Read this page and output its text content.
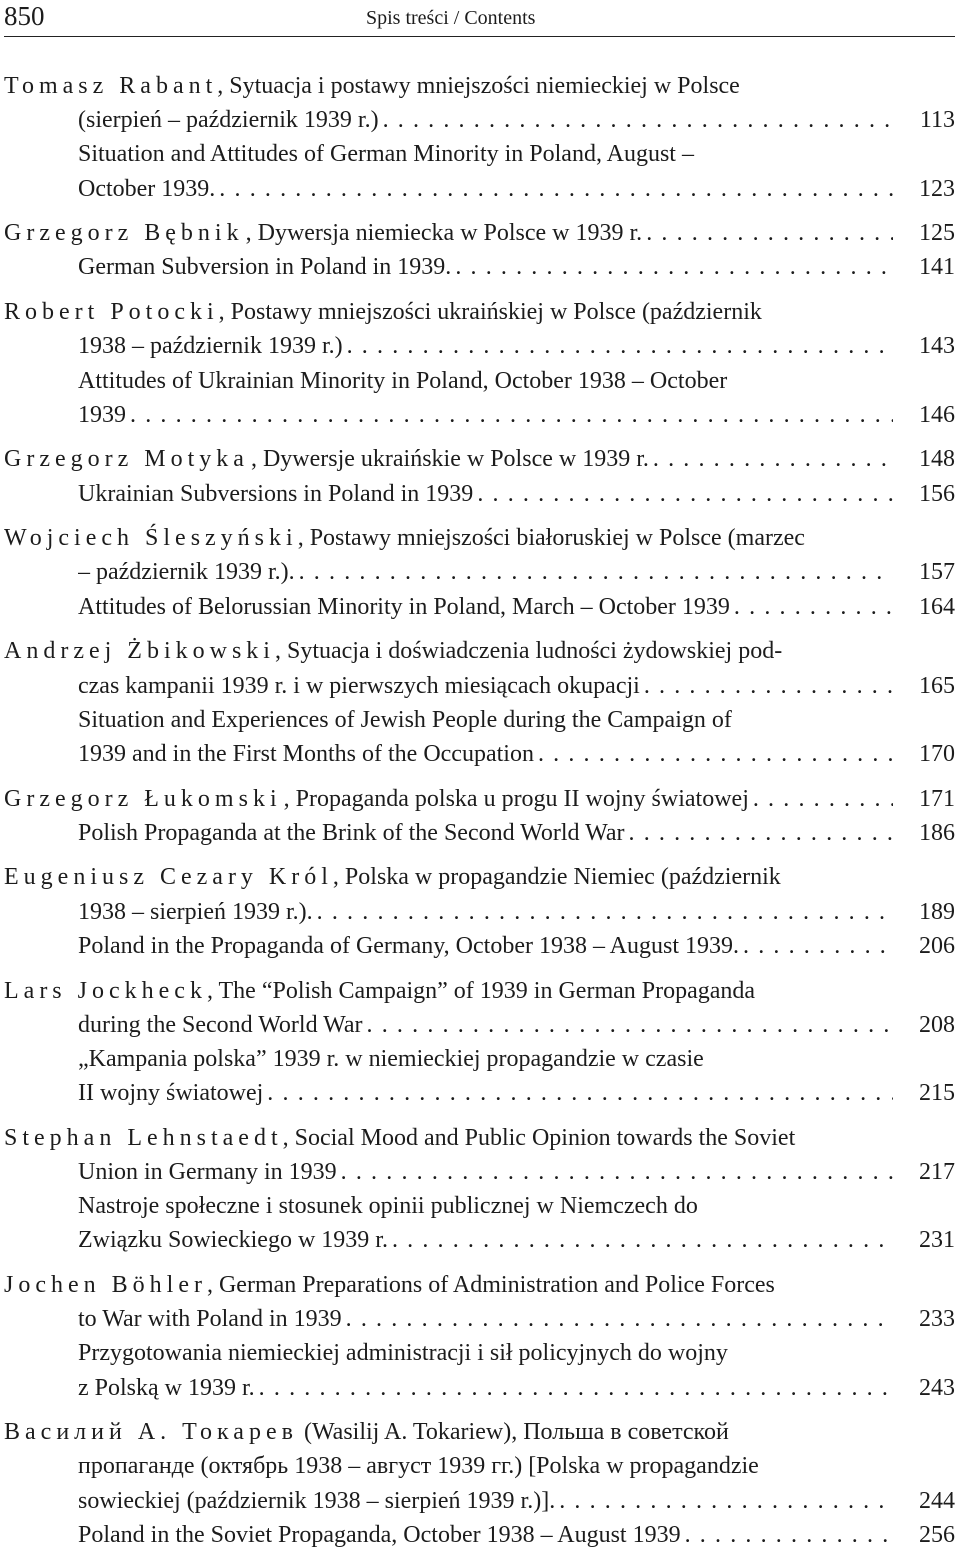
850	Spis treści / Contents
Tomasz Rabant, Sytuacja i postawy mniejszości niemieckiej w Polsce
(sierpień – październik 1939 r.) . . .	113
Situation and Attitudes of German Minority in Poland, August –
October 1939. . . .	123
Grzegorz Bębnik, Dywersja niemiecka w Polsce w 1939 r. . . .	125
German Subversion in Poland in 1939. . . .	141
Robert Potocki, Postawy mniejszości ukraińskiej w Polsce (październik
1938 – październik 1939 r.) . . .	143
Attitudes of Ukrainian Minority in Poland, October 1938 – October
1939 . . .	146
Grzegorz Motyka, Dywersje ukraińskie w Polsce w 1939 r. . . .	148
Ukrainian Subversions in Poland in 1939 . . .	156
Wojciech Śleszyński, Postawy mniejszości białoruskiej w Polsce (marzec
– październik 1939 r.). . . .	157
Attitudes of Belorussian Minority in Poland, March – October 1939 . . .	164
Andrzej Żbikowski, Sytuacja i doświadczenia ludności żydowskiej pod-
czas kampanii 1939 r. i w pierwszych miesiącach okupacji . . .	165
Situation and Experiences of Jewish People during the Campaign of
1939 and in the First Months of the Occupation . . .	170
Grzegorz Łukomski, Propaganda polska u progu II wojny światowej . . .	171
Polish Propaganda at the Brink of the Second World War . . .	186
Eugeniusz Cezary Król, Polska w propagandzie Niemiec (październik
1938 – sierpień 1939 r.). . . .	189
Poland in the Propaganda of Germany, October 1938 – August 1939. . . .	206
Lars Jockheck, The “Polish Campaign” of 1939 in German Propaganda
during the Second World War . . .	208
„Kampania polska” 1939 r. w niemieckiej propagandzie w czasie
II wojny światowej . . .	215
Stephan Lehnstaedt, Social Mood and Public Opinion towards the Soviet
Union in Germany in 1939 . . .	217
Nastroje społeczne i stosunek opinii publicznej w Niemczech do
Związku Sowieckiego w 1939 r. . . .	231
Jochen Böhler, German Preparations of Administration and Police Forces
to War with Poland in 1939 . . .	233
Przygotowania niemieckiej administracji i sił policyjnych do wojny
z Polską w 1939 r. . . .	243
Василий А. Токарев (Wasilij A. Tokariew), Польша в советской
пропаганде (октябрь 1938 – август 1939 гг.) [Polska w propagandzie
sowieckiej (październik 1938 – sierpień 1939 r.)]. . . .	244
Poland in the Soviet Propaganda, October 1938 – August 1939 . . .	256
